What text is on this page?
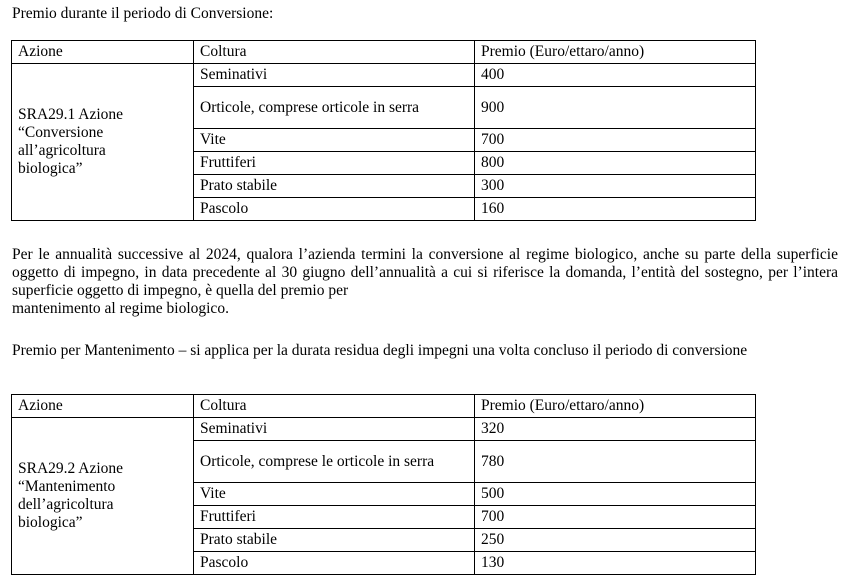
Premio durante il periodo di Conversione:

Azione	Coltura	Premio (Euro/ettaro/anno)

SRA29.1 Azione
“Conversione
all’agricoltura
biologica”	Seminativi	400
	Orticole, comprese orticole in serra	900
	Vite	700
	Fruttiferi	800
	Prato stabile	300
	Pascolo	160

Per le annualità successive al 2024, qualora l’azienda termini la conversione al regime biologico, anche su parte della superficie oggetto di impegno, in data precedente al 30 giugno dell’annualità a cui si riferisce la domanda, l’entità del sostegno, per l’intera superficie oggetto di impegno, è quella del premio per
mantenimento al regime biologico.

Premio per Mantenimento – si applica per la durata residua degli impegni una volta concluso il periodo di conversione

Azione	Coltura	Premio (Euro/ettaro/anno)

SRA29.2 Azione
“Mantenimento
dell’agricoltura
biologica”	Seminativi	320
	Orticole, comprese le orticole in serra	780
	Vite	500
	Fruttiferi	700
	Prato stabile	250
	Pascolo	130
